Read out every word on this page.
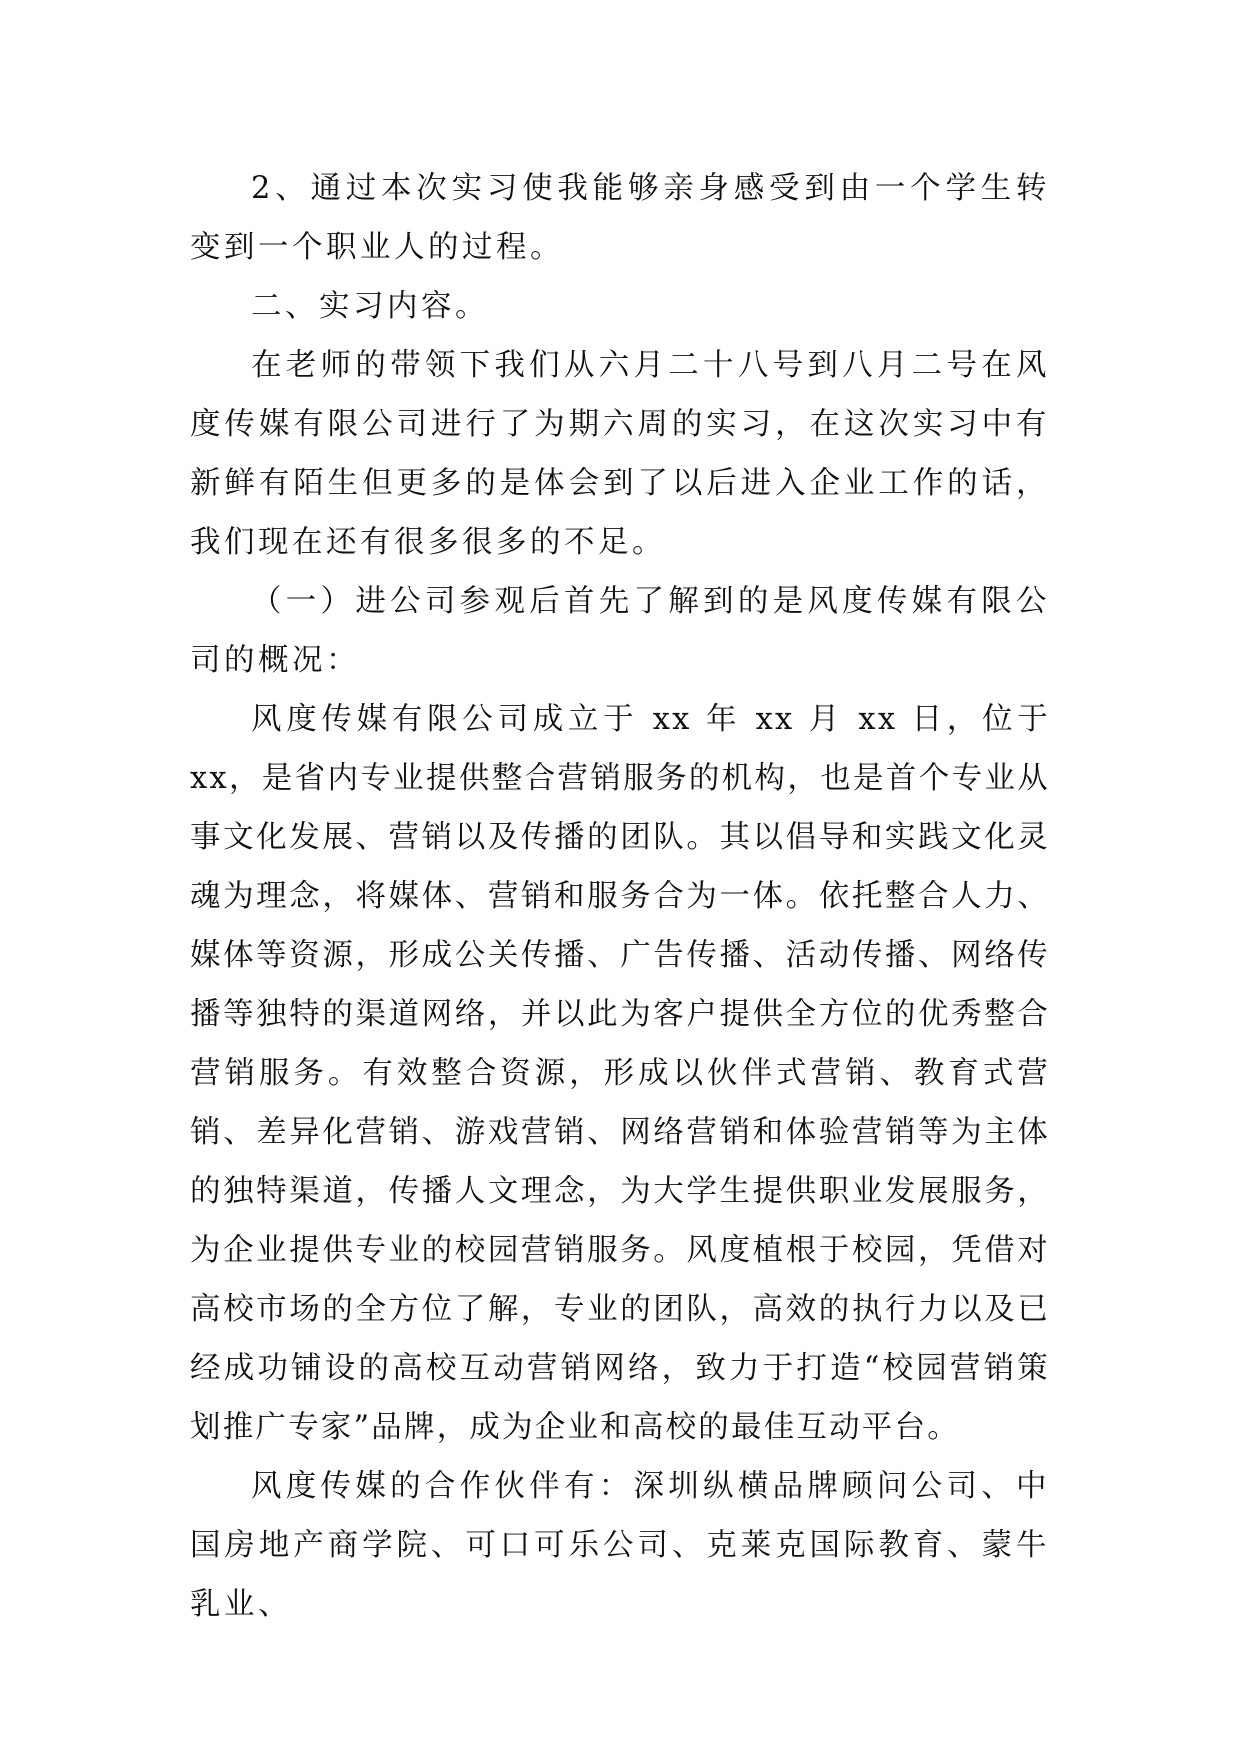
2、通过本次实习使我能够亲身感受到由一个学生转变到一个职业人的过程。

二、实习内容。

在老师的带领下我们从六月二十八号到八月二号在风度传媒有限公司进行了为期六周的实习，在这次实习中有新鲜有陌生但更多的是体会到了以后进入企业工作的话，我们现在还有很多很多的不足。

（一）进公司参观后首先了解到的是风度传媒有限公司的概况：

风度传媒有限公司成立于 xx 年 xx 月 xx 日，位于 xx，是省内专业提供整合营销服务的机构，也是首个专业从事文化发展、营销以及传播的团队。其以倡导和实践文化灵魂为理念，将媒体、营销和服务合为一体。依托整合人力、媒体等资源，形成公关传播、广告传播、活动传播、网络传播等独特的渠道网络，并以此为客户提供全方位的优秀整合营销服务。有效整合资源，形成以伙伴式营销、教育式营销、差异化营销、游戏营销、网络营销和体验营销等为主体的独特渠道，传播人文理念，为大学生提供职业发展服务，为企业提供专业的校园营销服务。风度植根于校园，凭借对高校市场的全方位了解，专业的团队，高效的执行力以及已经成功铺设的高校互动营销网络，致力于打造“校园营销策划推广专家”品牌，成为企业和高校的最佳互动平台。

风度传媒的合作伙伴有：深圳纵横品牌顾问公司、中国房地产商学院、可口可乐公司、克莱克国际教育、蒙牛乳业、
